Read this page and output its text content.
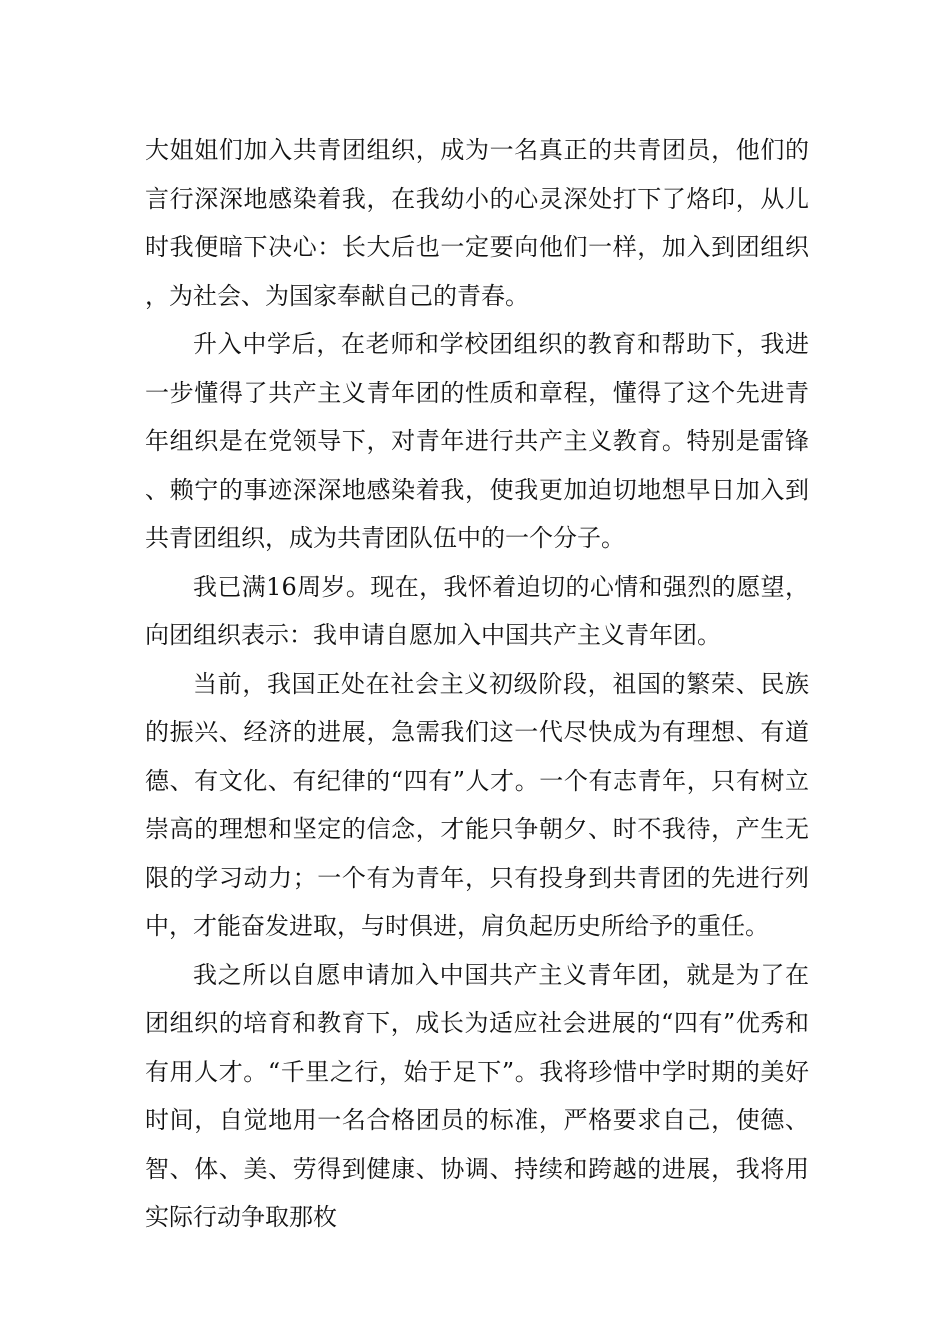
大姐姐们加入共青团组织，成为一名真正的共青团员，他们的言行深深地感染着我，在我幼小的心灵深处打下了烙印，从儿时我便暗下决心：长大后也一定要向他们一样，加入到团组织，为社会、为国家奉献自己的青春。

升入中学后，在老师和学校团组织的教育和帮助下，我进一步懂得了共产主义青年团的性质和章程，懂得了这个先进青年组织是在党领导下，对青年进行共产主义教育。特别是雷锋、赖宁的事迹深深地感染着我，使我更加迫切地想早日加入到共青团组织，成为共青团队伍中的一个分子。

我已满16周岁。现在，我怀着迫切的心情和强烈的愿望，向团组织表示：我申请自愿加入中国共产主义青年团。

当前，我国正处在社会主义初级阶段，祖国的繁荣、民族的振兴、经济的进展，急需我们这一代尽快成为有理想、有道德、有文化、有纪律的“四有”人才。一个有志青年，只有树立崇高的理想和坚定的信念，才能只争朝夕、时不我待，产生无限的学习动力；一个有为青年，只有投身到共青团的先进行列中，才能奋发进取，与时俱进，肩负起历史所给予的重任。

我之所以自愿申请加入中国共产主义青年团，就是为了在团组织的培育和教育下，成长为适应社会进展的“四有”优秀和有用人才。“千里之行，始于足下”。我将珍惜中学时期的美好时间，自觉地用一名合格团员的标准，严格要求自己，使德、智、体、美、劳得到健康、协调、持续和跨越的进展，我将用实际行动争取那枚
